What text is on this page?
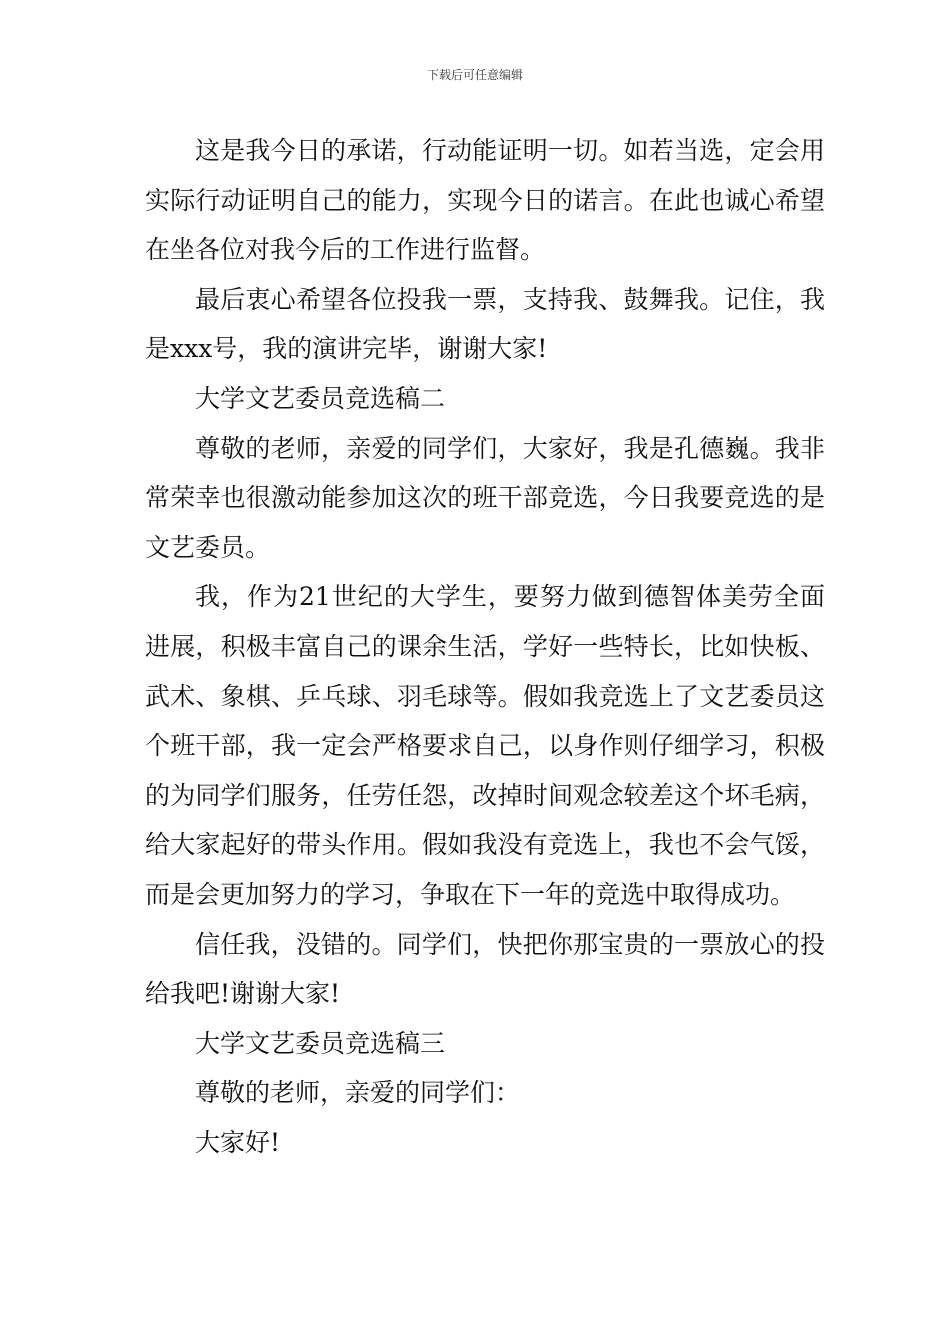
下载后可任意编辑

这是我今日的承诺，行动能证明一切。如若当选，定会用实际行动证明自己的能力，实现今日的诺言。在此也诚心希望在坐各位对我今后的工作进行监督。

最后衷心希望各位投我一票，支持我、鼓舞我。记住，我是xxx号，我的演讲完毕，谢谢大家!

大学文艺委员竞选稿二

尊敬的老师，亲爱的同学们，大家好，我是孔德巍。我非常荣幸也很激动能参加这次的班干部竞选，今日我要竞选的是文艺委员。

我，作为21世纪的大学生，要努力做到德智体美劳全面进展，积极丰富自己的课余生活，学好一些特长，比如快板、武术、象棋、乒乓球、羽毛球等。假如我竞选上了文艺委员这个班干部，我一定会严格要求自己，以身作则仔细学习，积极的为同学们服务，任劳任怨，改掉时间观念较差这个坏毛病，给大家起好的带头作用。假如我没有竞选上，我也不会气馁，而是会更加努力的学习，争取在下一年的竞选中取得成功。

信任我，没错的。同学们，快把你那宝贵的一票放心的投给我吧!谢谢大家!

大学文艺委员竞选稿三

尊敬的老师，亲爱的同学们：

大家好!
